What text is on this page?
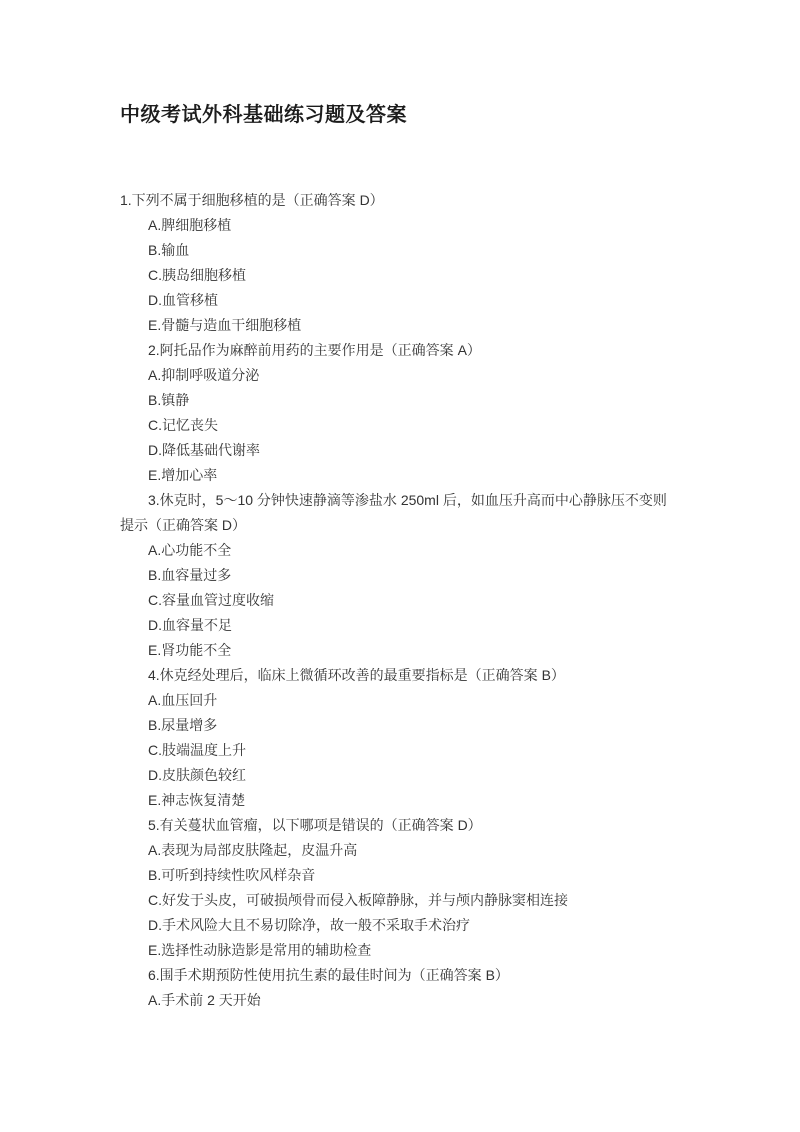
中级考试外科基础练习题及答案

1.下列不属于细胞移植的是（正确答案 D）

A.脾细胞移植

B.输血

C.胰岛细胞移植

D.血管移植

E.骨髓与造血干细胞移植

2.阿托品作为麻醉前用药的主要作用是（正确答案 A）

A.抑制呼吸道分泌

B.镇静

C.记忆丧失

D.降低基础代谢率

E.增加心率

3.休克时，5～10 分钟快速静滴等渗盐水 250ml 后，如血压升高而中心静脉压不变则提示（正确答案 D）

A.心功能不全

B.血容量过多

C.容量血管过度收缩

D.血容量不足

E.肾功能不全

4.休克经处理后，临床上微循环改善的最重要指标是（正确答案 B）

A.血压回升

B.尿量增多

C.肢端温度上升

D.皮肤颜色较红

E.神志恢复清楚

5.有关蔓状血管瘤，以下哪项是错误的（正确答案 D）

A.表现为局部皮肤隆起，皮温升高

B.可听到持续性吹风样杂音

C.好发于头皮，可破损颅骨而侵入板障静脉，并与颅内静脉窦相连接

D.手术风险大且不易切除净，故一般不采取手术治疗

E.选择性动脉造影是常用的辅助检查

6.围手术期预防性使用抗生素的最佳时间为（正确答案 B）

A.手术前 2 天开始
